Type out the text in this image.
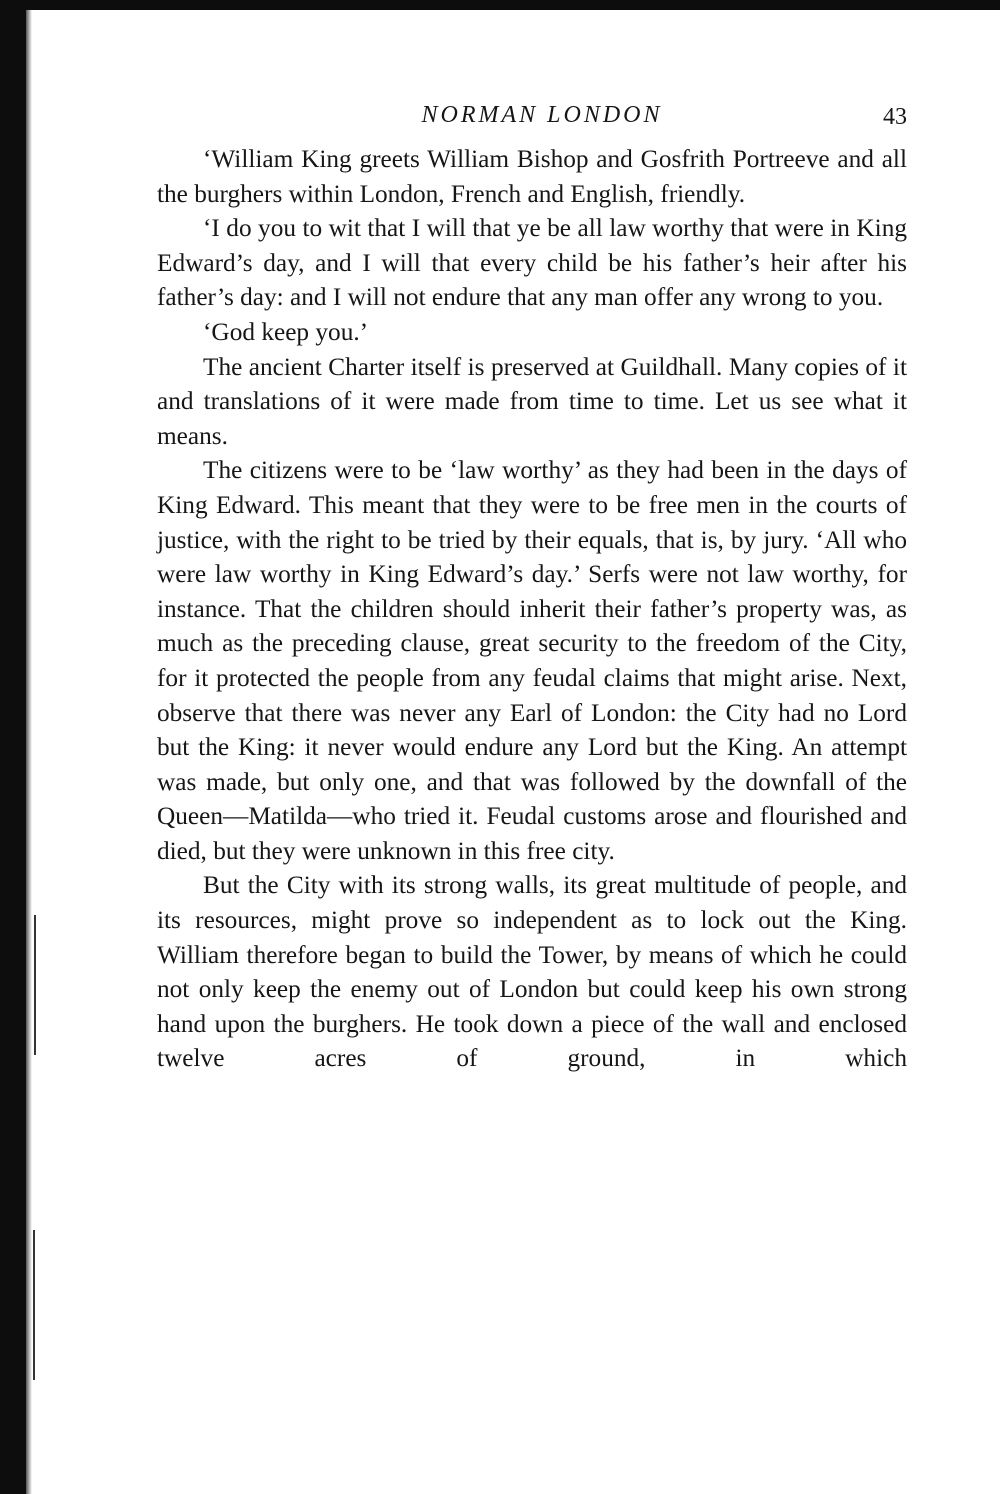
NORMAN LONDON	43

‘William King greets William Bishop and Gosfrith Portreeve and all the burghers within London, French and English, friendly.

‘I do you to wit that I will that ye be all law worthy that were in King Edward’s day, and I will that every child be his father’s heir after his father’s day: and I will not endure that any man offer any wrong to you.

‘God keep you.’

The ancient Charter itself is preserved at Guildhall. Many copies of it and translations of it were made from time to time. Let us see what it means.

The citizens were to be ‘law worthy’ as they had been in the days of King Edward. This meant that they were to be free men in the courts of justice, with the right to be tried by their equals, that is, by jury. ‘All who were law worthy in King Edward’s day.’ Serfs were not law worthy, for instance. That the children should inherit their father’s property was, as much as the preceding clause, great security to the freedom of the City, for it protected the people from any feudal claims that might arise. Next, observe that there was never any Earl of London: the City had no Lord but the King: it never would endure any Lord but the King. An attempt was made, but only one, and that was followed by the downfall of the Queen—Matilda—who tried it. Feudal customs arose and flourished and died, but they were unknown in this free city.

But the City with its strong walls, its great multitude of people, and its resources, might prove so independent as to lock out the King. William therefore began to build the Tower, by means of which he could not only keep the enemy out of London but could keep his own strong hand upon the burghers. He took down a piece of the wall and enclosed twelve acres of ground, in which
